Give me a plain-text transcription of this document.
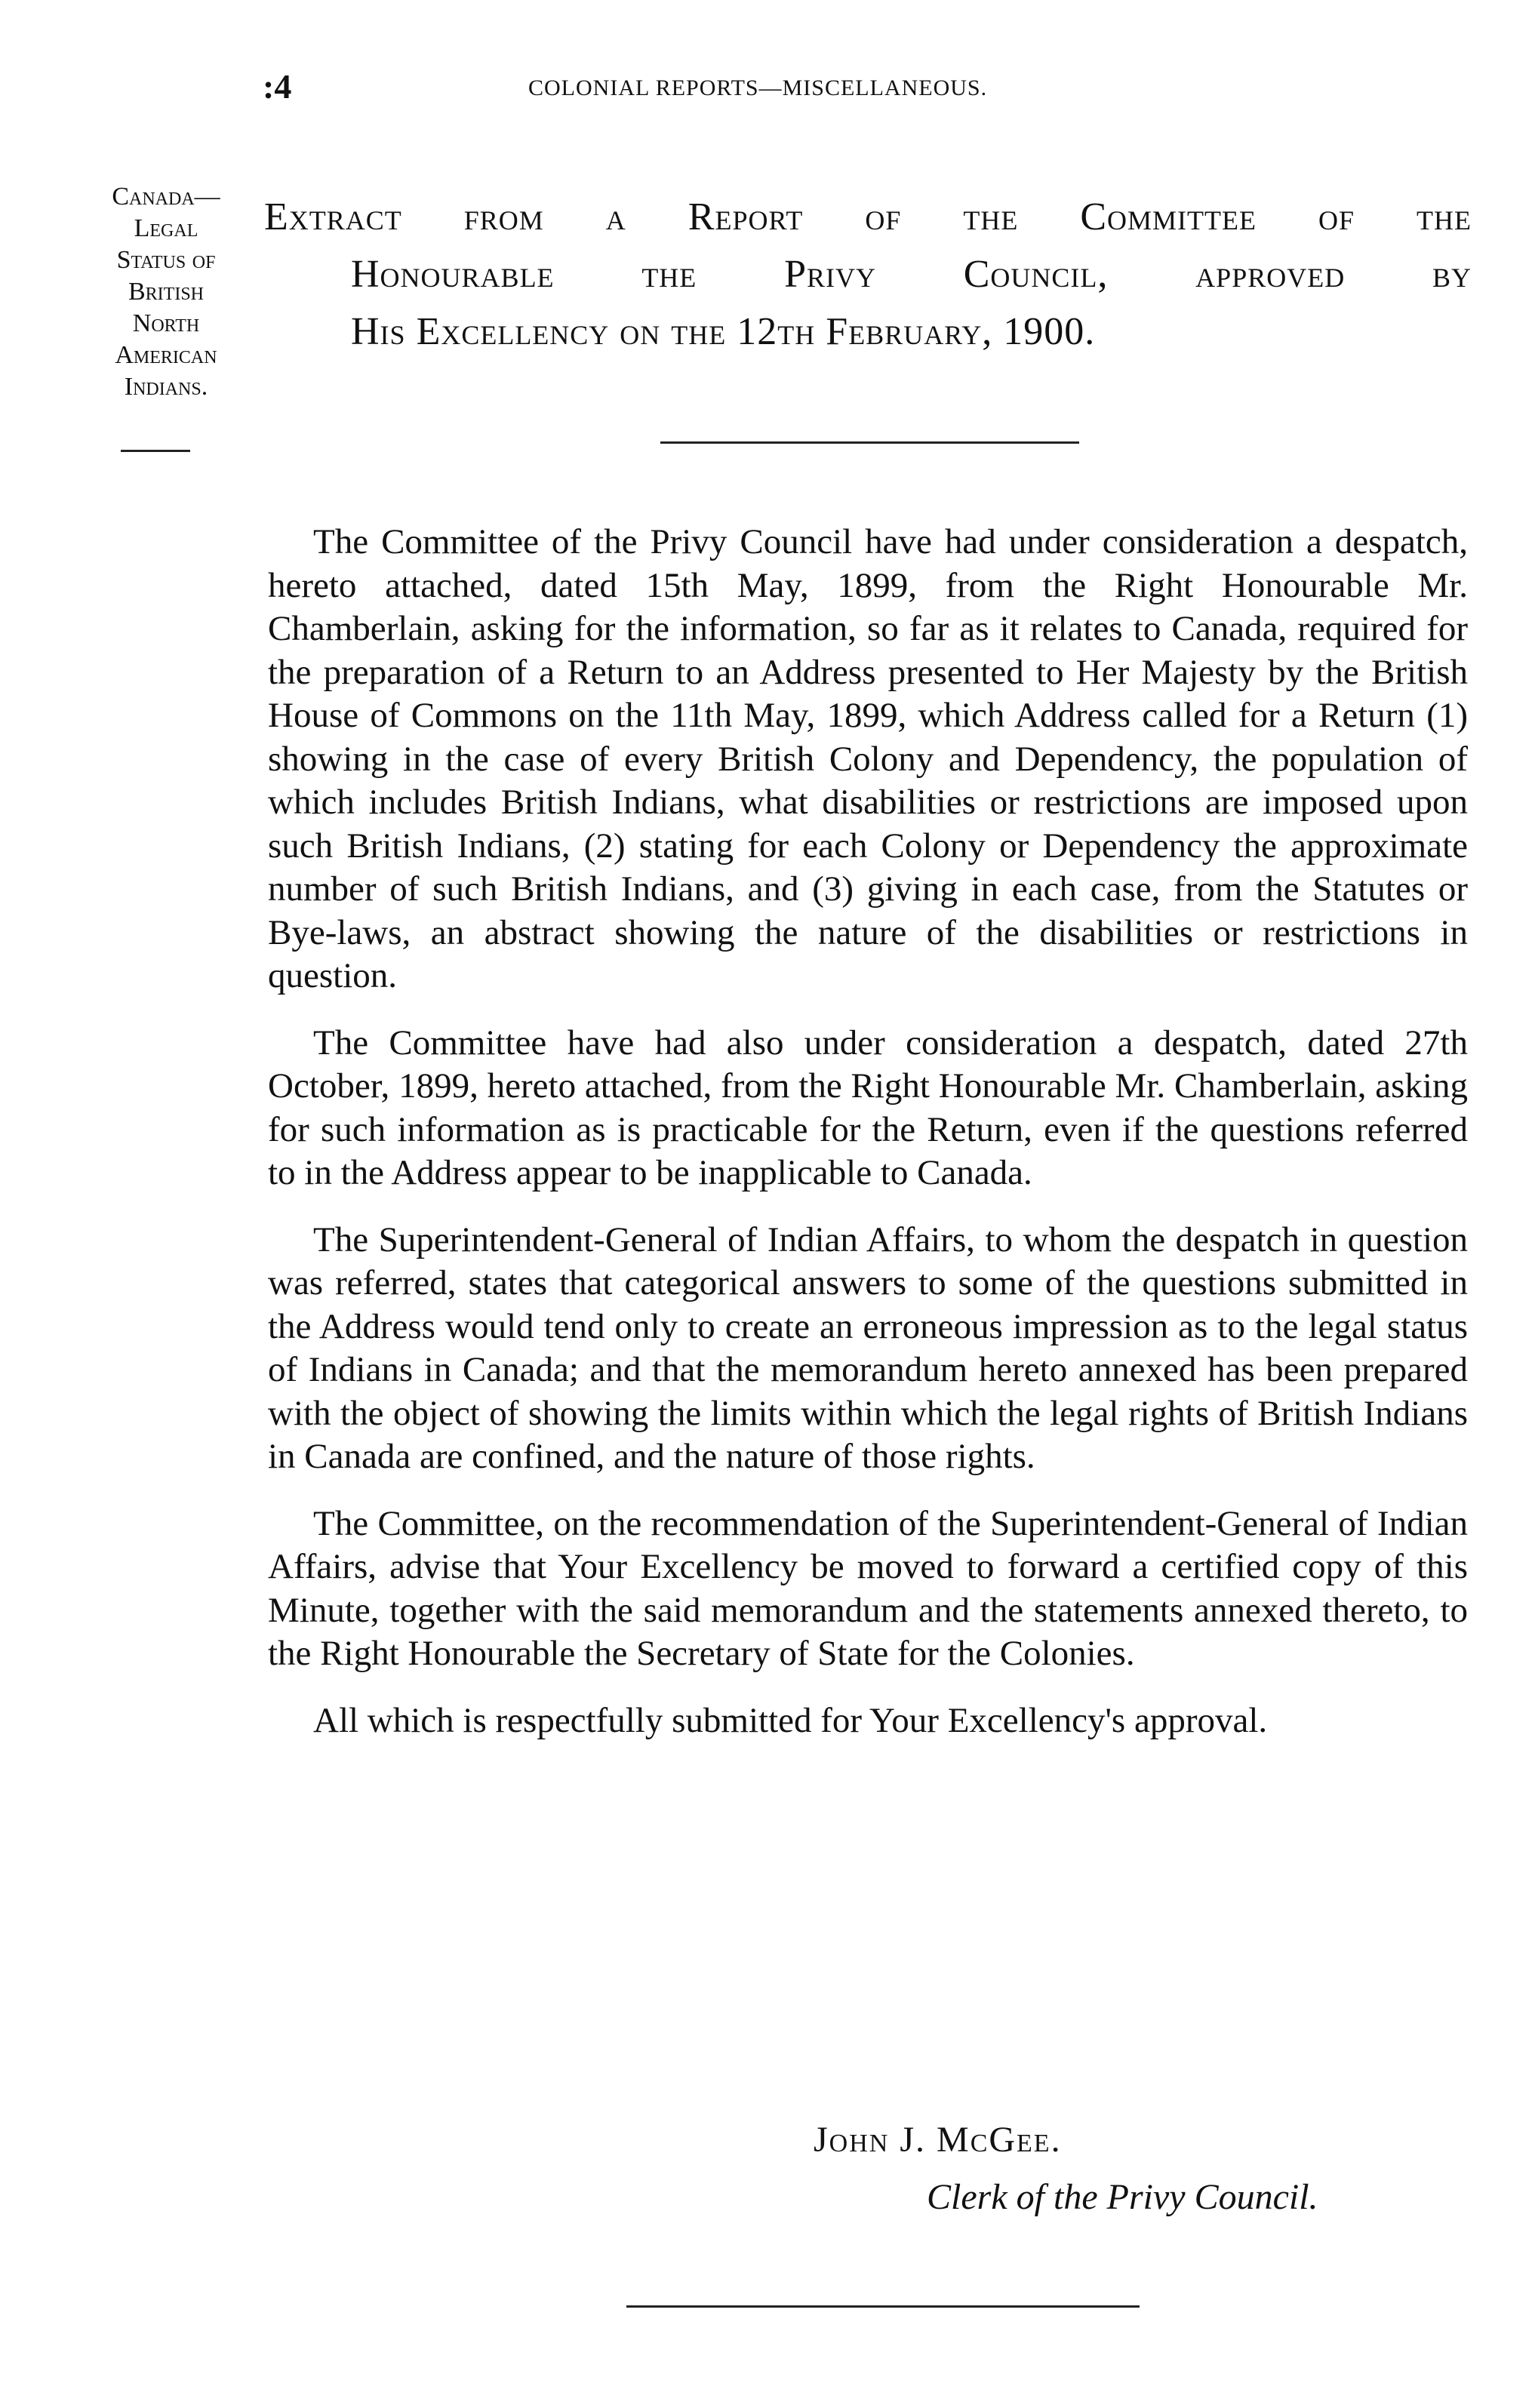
:4	COLONIAL REPORTS—MISCELLANEOUS.
Canada—
Legal
Status of
British
North
American
Indians.
Extract from a Report of the Committee of the
Honourable the Privy Council, approved by
His Excellency on the 12th February, 1900.

The Committee of the Privy Council have had under consideration a despatch, hereto attached, dated 15th May, 1899, from the Right Honourable Mr. Chamberlain, asking for the information, so far as it relates to Canada, required for the preparation of a Return to an Address presented to Her Majesty by the British House of Commons on the 11th May, 1899, which Address called for a Return (1) showing in the case of every British Colony and Dependency, the population of which includes British Indians, what disabilities or restrictions are imposed upon such British Indians, (2) stating for each Colony or Dependency the approximate number of such British Indians, and (3) giving in each case, from the Statutes or Bye-laws, an abstract showing the nature of the disabilities or restrictions in question.

The Committee have had also under consideration a despatch, dated 27th October, 1899, hereto attached, from the Right Honourable Mr. Chamberlain, asking for such information as is practicable for the Return, even if the questions referred to in the Address appear to be inapplicable to Canada.

The Superintendent-General of Indian Affairs, to whom the despatch in question was referred, states that categorical answers to some of the questions submitted in the Address would tend only to create an erroneous impression as to the legal status of Indians in Canada; and that the memorandum hereto annexed has been prepared with the object of showing the limits within which the legal rights of British Indians in Canada are confined, and the nature of those rights.

The Committee, on the recommendation of the Superintendent-General of Indian Affairs, advise that Your Excellency be moved to forward a certified copy of this Minute, together with the said memorandum and the statements annexed thereto, to the Right Honourable the Secretary of State for the Colonies.

All which is respectfully submitted for Your Excellency's approval.

John J. McGee.
Clerk of the Privy Council.
